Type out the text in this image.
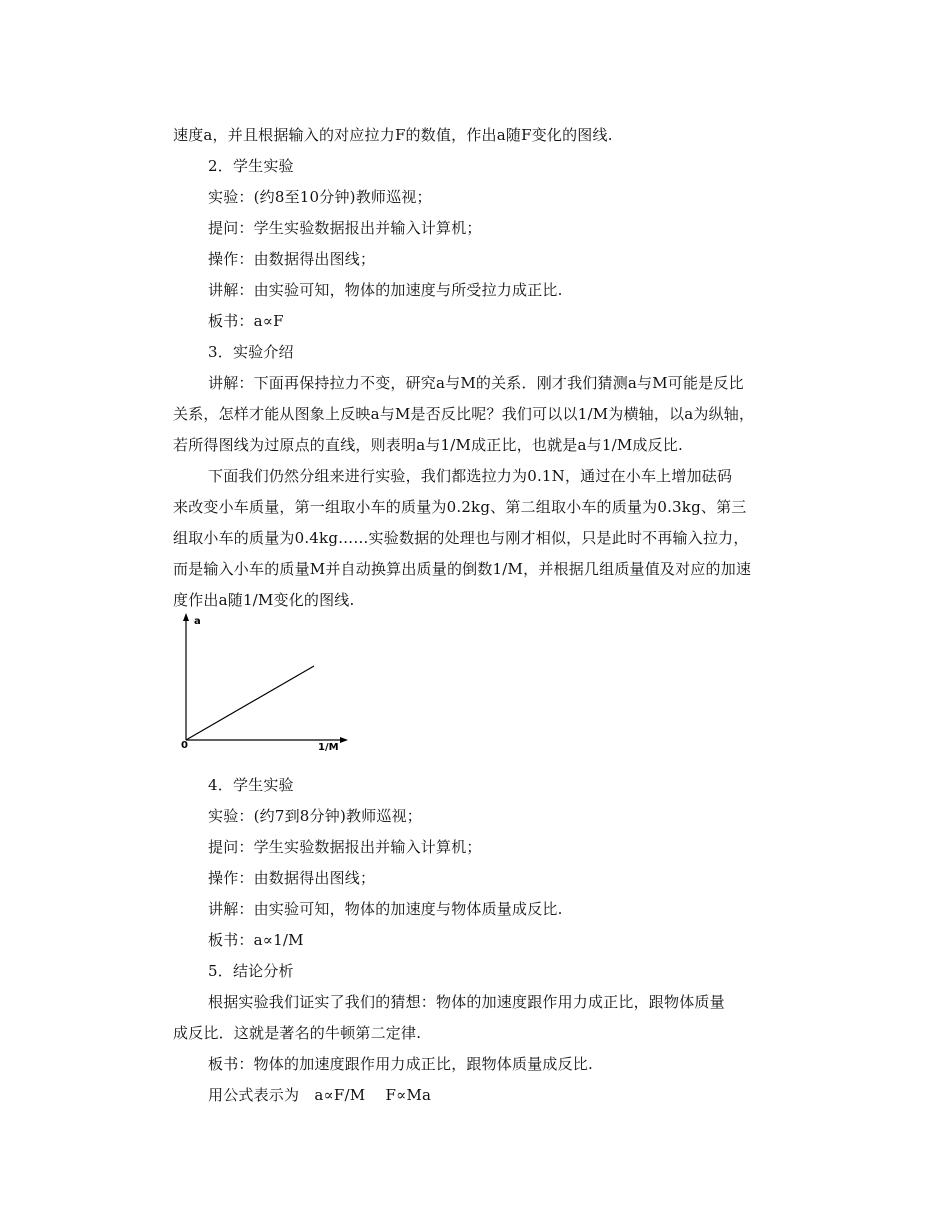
速度a，并且根据输入的对应拉力F的数值，作出a随F变化的图线.
2．学生实验
实验：(约8至10分钟)教师巡视；
提问：学生实验数据报出并输入计算机；
操作：由数据得出图线；
讲解：由实验可知，物体的加速度与所受拉力成正比.
板书：a∝F
3．实验介绍
讲解：下面再保持拉力不变，研究a与M的关系．刚才我们猜测a与M可能是反比
关系，怎样才能从图象上反映a与M是否反比呢？我们可以以1/M为横轴，以a为纵轴，
若所得图线为过原点的直线，则表明a与1/M成正比，也就是a与1/M成反比.
下面我们仍然分组来进行实验，我们都选拉力为0.1N，通过在小车上增加砝码
来改变小车质量，第一组取小车的质量为0.2kg、第二组取小车的质量为0.3kg、第三
组取小车的质量为0.4kg……实验数据的处理也与刚才相似，只是此时不再输入拉力，
而是输入小车的质量M并自动换算出质量的倒数1/M，并根据几组质量值及对应的加速
度作出a随1/M变化的图线.
a
0	1/M
4．学生实验
实验：(约7到8分钟)教师巡视；
提问：学生实验数据报出并输入计算机；
操作：由数据得出图线；
讲解：由实验可知，物体的加速度与物体质量成反比.
板书：a∝1/M
5．结论分析
根据实验我们证实了我们的猜想：物体的加速度跟作用力成正比，跟物体质量
成反比．这就是著名的牛顿第二定律.
板书：物体的加速度跟作用力成正比，跟物体质量成反比.
用公式表示为　a∝F/M　 F∝Ma
